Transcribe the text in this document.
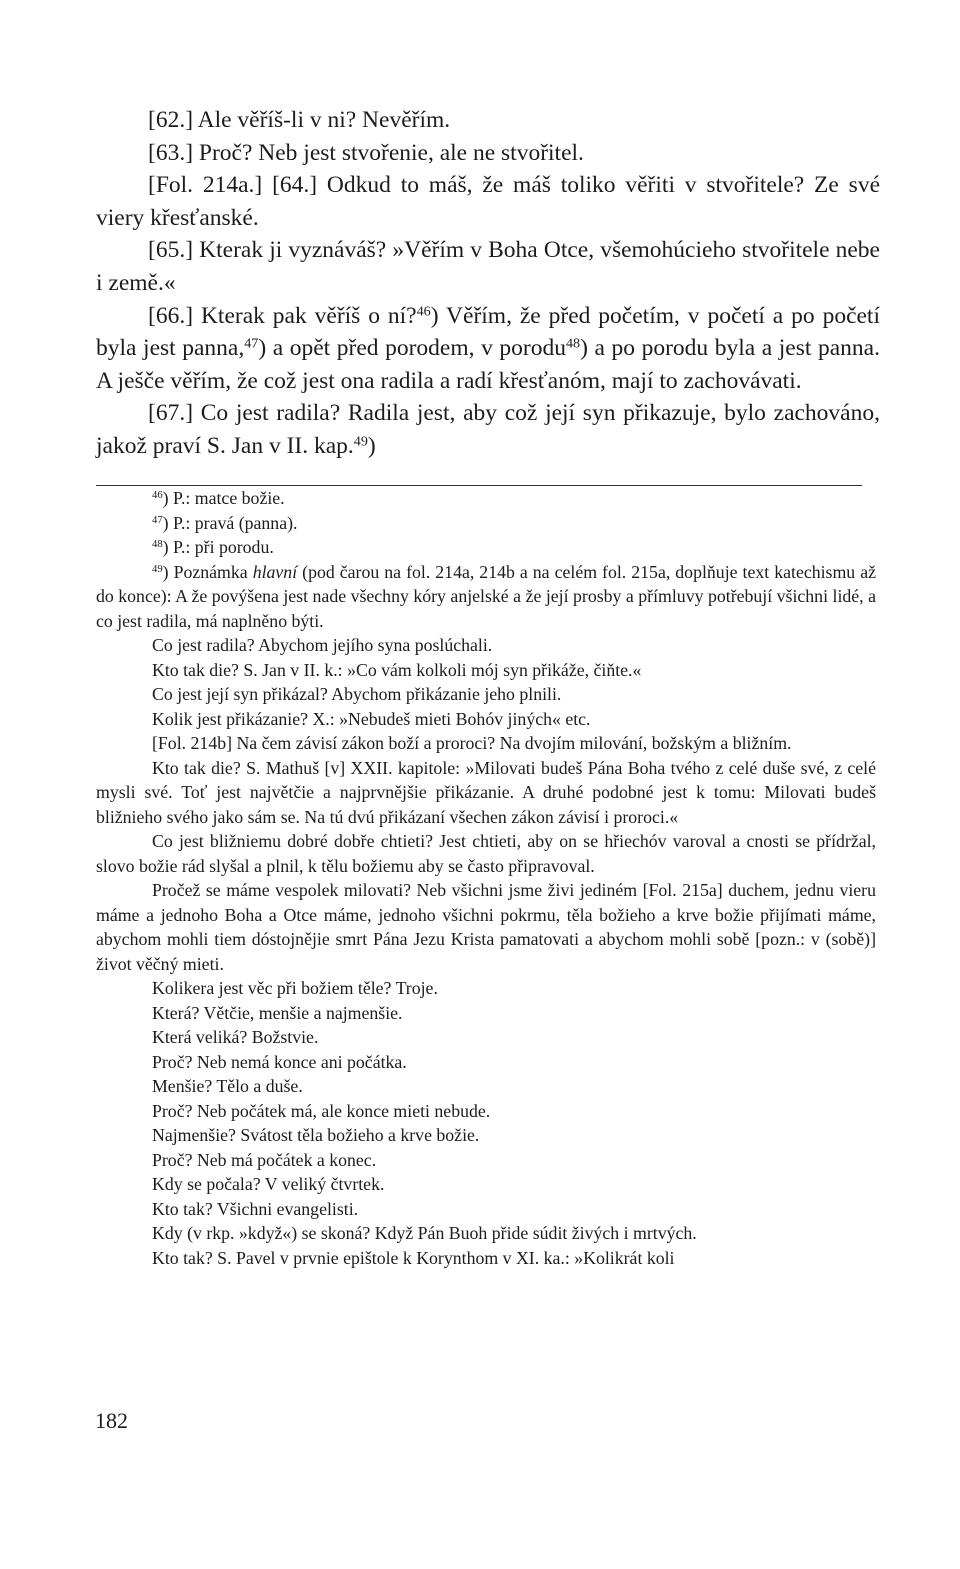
[62.] Ale věříš-li v ni? Nevěřím.

[63.] Proč? Neb jest stvořenie, ale ne stvořitel.

[Fol. 214a.] [64.] Odkud to máš, že máš toliko věřiti v stvořitele? Ze své viery křesťanské.

[65.] Kterak ji vyznáváš? »Věřím v Boha Otce, všemohúcieho stvořitele nebe i země.«

[66.] Kterak pak věříš o ní?$^{46}$) Věřím, že před početím, v početí a po početí byla jest panna,$^{47}$) a opět před porodem, v porodu$^{48}$) a po porodu byla a jest panna. A ješče věřím, že což jest ona radila a radí křesťanóm, mají to zachovávati.

[67.] Co jest radila? Radila jest, aby což její syn přikazuje, bylo zachováno, jakož praví S. Jan v II. kap.$^{49}$)

$^{46}$) P.: matce božie.

$^{47}$) P.: pravá (panna).

$^{48}$) P.: při porodu.

$^{49}$) Poznámka hlavní (pod čarou na fol. 214a, 214b a na celém fol. 215a, doplňuje text katechismu až do konce): A že povýšena jest nade všechny kóry anjelské a že její prosby a přímluvy potřebují všichni lidé, a co jest radila, má naplněno býti.

Co jest radila? Abychom jejího syna poslúchali.

Kto tak die? S. Jan v II. k.: »Co vám kolkoli mój syn přikáže, čiňte.«

Co jest její syn přikázal? Abychom přikázanie jeho plnili.

Kolik jest přikázanie? X.: »Nebudeš mieti Bohóv jiných« etc.

[Fol. 214b] Na čem závisí zákon boží a proroci? Na dvojím milování, božským a bližním.

Kto tak die? S. Mathuš [v] XXII. kapitole: »Milovati budeš Pána Boha tvého z celé duše své, z celé mysli své. Toť jest najvětčie a najprvnějšie přikázanie. A druhé podobné jest k tomu: Milovati budeš bližnieho svého jako sám se. Na tú dvú přikázaní všechen zákon závisí i proroci.«

Co jest bližniemu dobré dobře chtieti? Jest chtieti, aby on se hřiechóv varoval a cnosti se přídržal, slovo božie rád slyšal a plnil, k tělu božiemu aby se často připravoval.

Pročež se máme vespolek milovati? Neb všichni jsme živi jediném [Fol. 215a] duchem, jednu vieru máme a jednoho Boha a Otce máme, jednoho všichni pokrmu, těla božieho a krve božie přijímati máme, abychom mohli tiem dóstojnějie smrt Pána Jezu Krista pamatovati a abychom mohli sobě [pozn.: v (sobě)] život věčný mieti.

Kolikera jest věc při božiem těle? Troje.

Která? Větčie, menšie a najmenšie.

Která veliká? Božstvie.

Proč? Neb nemá konce ani počátka.

Menšie? Tělo a duše.

Proč? Neb počátek má, ale konce mieti nebude.

Najmenšie? Svátost těla božieho a krve božie.

Proč? Neb má počátek a konec.

Kdy se počala? V veliký čtvrtek.

Kto tak? Všichni evangelisti.

Kdy (v rkp. »když«) se skoná? Když Pán Buoh přide súdit živých i mrtvých.

Kto tak? S. Pavel v prvnie epištole k Korynthom v XI. ka.: »Kolikrát koli

182
